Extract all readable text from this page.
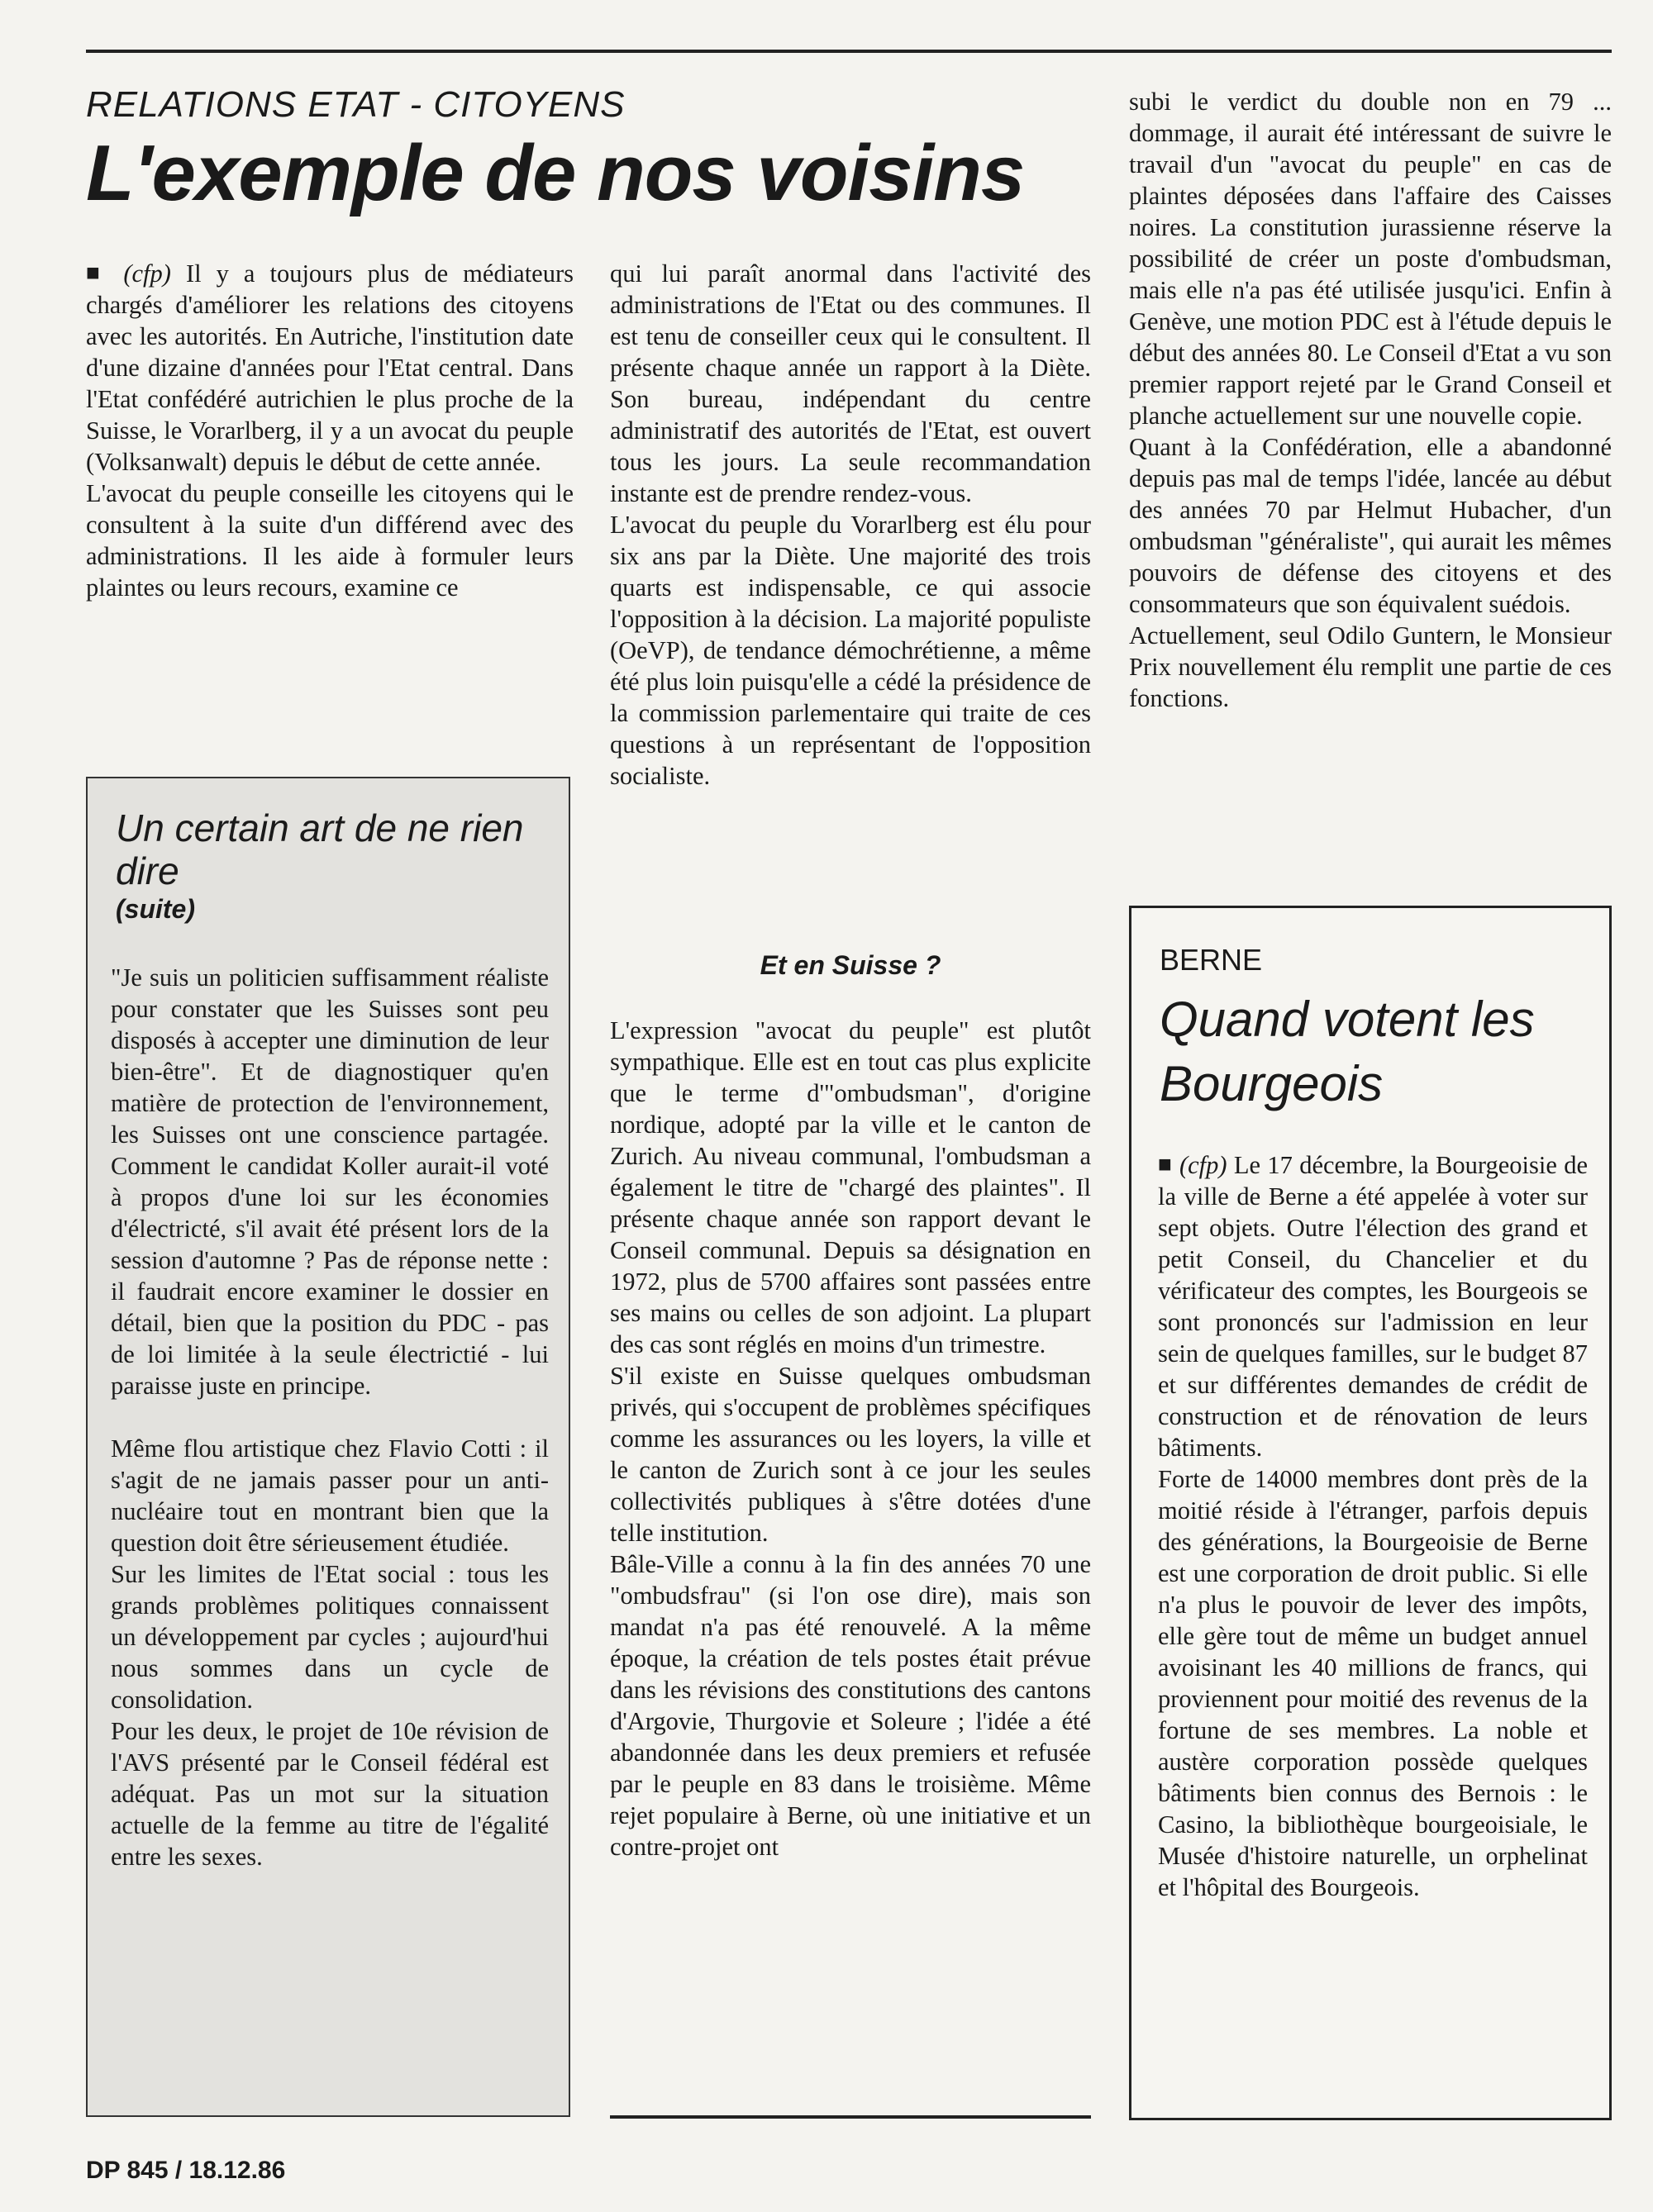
RELATIONS ETAT - CITOYENS
L'exemple de nos voisins

■ (cfp) Il y a toujours plus de médiateurs chargés d'améliorer les relations des citoyens avec les autorités. En Autriche, l'institution date d'une dizaine d'années pour l'Etat central. Dans l'Etat confédéré autrichien le plus proche de la Suisse, le Vorarlberg, il y a un avocat du peuple (Volksanwalt) depuis le début de cette année.

L'avocat du peuple conseille les citoyens qui le consultent à la suite d'un différend avec des administrations. Il les aide à formuler leurs plaintes ou leurs recours, examine ce

Un certain art de ne rien dire
(suite)

"Je suis un politicien suffisamment réaliste pour constater que les Suisses sont peu disposés à accepter une diminution de leur bien-être". Et de diagnostiquer qu'en matière de protection de l'environnement, les Suisses ont une conscience partagée. Comment le candidat Koller aurait-il voté à propos d'une loi sur les économies d'électricté, s'il avait été présent lors de la session d'automne ? Pas de réponse nette : il faudrait encore examiner le dossier en détail, bien que la position du PDC - pas de loi limitée à la seule électrictié - lui paraisse juste en principe.

Même flou artistique chez Flavio Cotti : il s'agit de ne jamais passer pour un anti-nucléaire tout en montrant bien que la question doit être sérieusement étudiée.

Sur les limites de l'Etat social : tous les grands problèmes politiques connaissent un développement par cycles ; aujourd'hui nous sommes dans un cycle de consolidation.

Pour les deux, le projet de 10e révision de l'AVS présenté par le Conseil fédéral est adéquat. Pas un mot sur la situation actuelle de la femme au titre de l'égalité entre les sexes.

qui lui paraît anormal dans l'activité des administrations de l'Etat ou des communes. Il est tenu de conseiller ceux qui le consultent. Il présente chaque année un rapport à la Diète. Son bureau, indépendant du centre administratif des autorités de l'Etat, est ouvert tous les jours. La seule recommandation instante est de prendre rendez-vous.

L'avocat du peuple du Vorarlberg est élu pour six ans par la Diète. Une majorité des trois quarts est indispensable, ce qui associe l'opposition à la décision. La majorité populiste (OeVP), de tendance démochrétienne, a même été plus loin puisqu'elle a cédé la présidence de la commission parlementaire qui traite de ces questions à un représentant de l'opposition socialiste.

Et en Suisse ?

L'expression "avocat du peuple" est plutôt sympathique. Elle est en tout cas plus explicite que le terme d'"ombudsman", d'origine nordique, adopté par la ville et le canton de Zurich. Au niveau communal, l'ombudsman a également le titre de "chargé des plaintes". Il présente chaque année son rapport devant le Conseil communal. Depuis sa désignation en 1972, plus de 5700 affaires sont passées entre ses mains ou celles de son adjoint. La plupart des cas sont réglés en moins d'un trimestre.

S'il existe en Suisse quelques ombudsman privés, qui s'occupent de problèmes spécifiques comme les assurances ou les loyers, la ville et le canton de Zurich sont à ce jour les seules collectivités publiques à s'être dotées d'une telle institution.

Bâle-Ville a connu à la fin des années 70 une "ombudsfrau" (si l'on ose dire), mais son mandat n'a pas été renouvelé. A la même époque, la création de tels postes était prévue dans les révisions des constitutions des cantons d'Argovie, Thurgovie et Soleure ; l'idée a été abandonnée dans les deux premiers et refusée par le peuple en 83 dans le troisième. Même rejet populaire à Berne, où une initiative et un contre-projet ont

subi le verdict du double non en 79 ... dommage, il aurait été intéressant de suivre le travail d'un "avocat du peuple" en cas de plaintes déposées dans l'affaire des Caisses noires. La constitution jurassienne réserve la possibilité de créer un poste d'ombudsman, mais elle n'a pas été utilisée jusqu'ici. Enfin à Genève, une motion PDC est à l'étude depuis le début des années 80. Le Conseil d'Etat a vu son premier rapport rejeté par le Grand Conseil et planche actuellement sur une nouvelle copie.

Quant à la Confédération, elle a abandonné depuis pas mal de temps l'idée, lancée au début des années 70 par Helmut Hubacher, d'un ombudsman "généraliste", qui aurait les mêmes pouvoirs de défense des citoyens et des consommateurs que son équivalent suédois.

Actuellement, seul Odilo Guntern, le Monsieur Prix nouvellement élu remplit une partie de ces fonctions.

BERNE
Quand votent les Bourgeois

■ (cfp) Le 17 décembre, la Bourgeoisie de la ville de Berne a été appelée à voter sur sept objets. Outre l'élection des grand et petit Conseil, du Chancelier et du vérificateur des comptes, les Bourgeois se sont prononcés sur l'admission en leur sein de quelques familles, sur le budget 87 et sur différentes demandes de crédit de construction et de rénovation de leurs bâtiments.

Forte de 14000 membres dont près de la moitié réside à l'étranger, parfois depuis des générations, la Bourgeoisie de Berne est une corporation de droit public. Si elle n'a plus le pouvoir de lever des impôts, elle gère tout de même un budget annuel avoisinant les 40 millions de francs, qui proviennent pour moitié des revenus de la fortune de ses membres. La noble et austère corporation possède quelques bâtiments bien connus des Bernois : le Casino, la bibliothèque bourgeoisiale, le Musée d'histoire naturelle, un orphelinat et l'hôpital des Bourgeois.

DP 845 / 18.12.86
